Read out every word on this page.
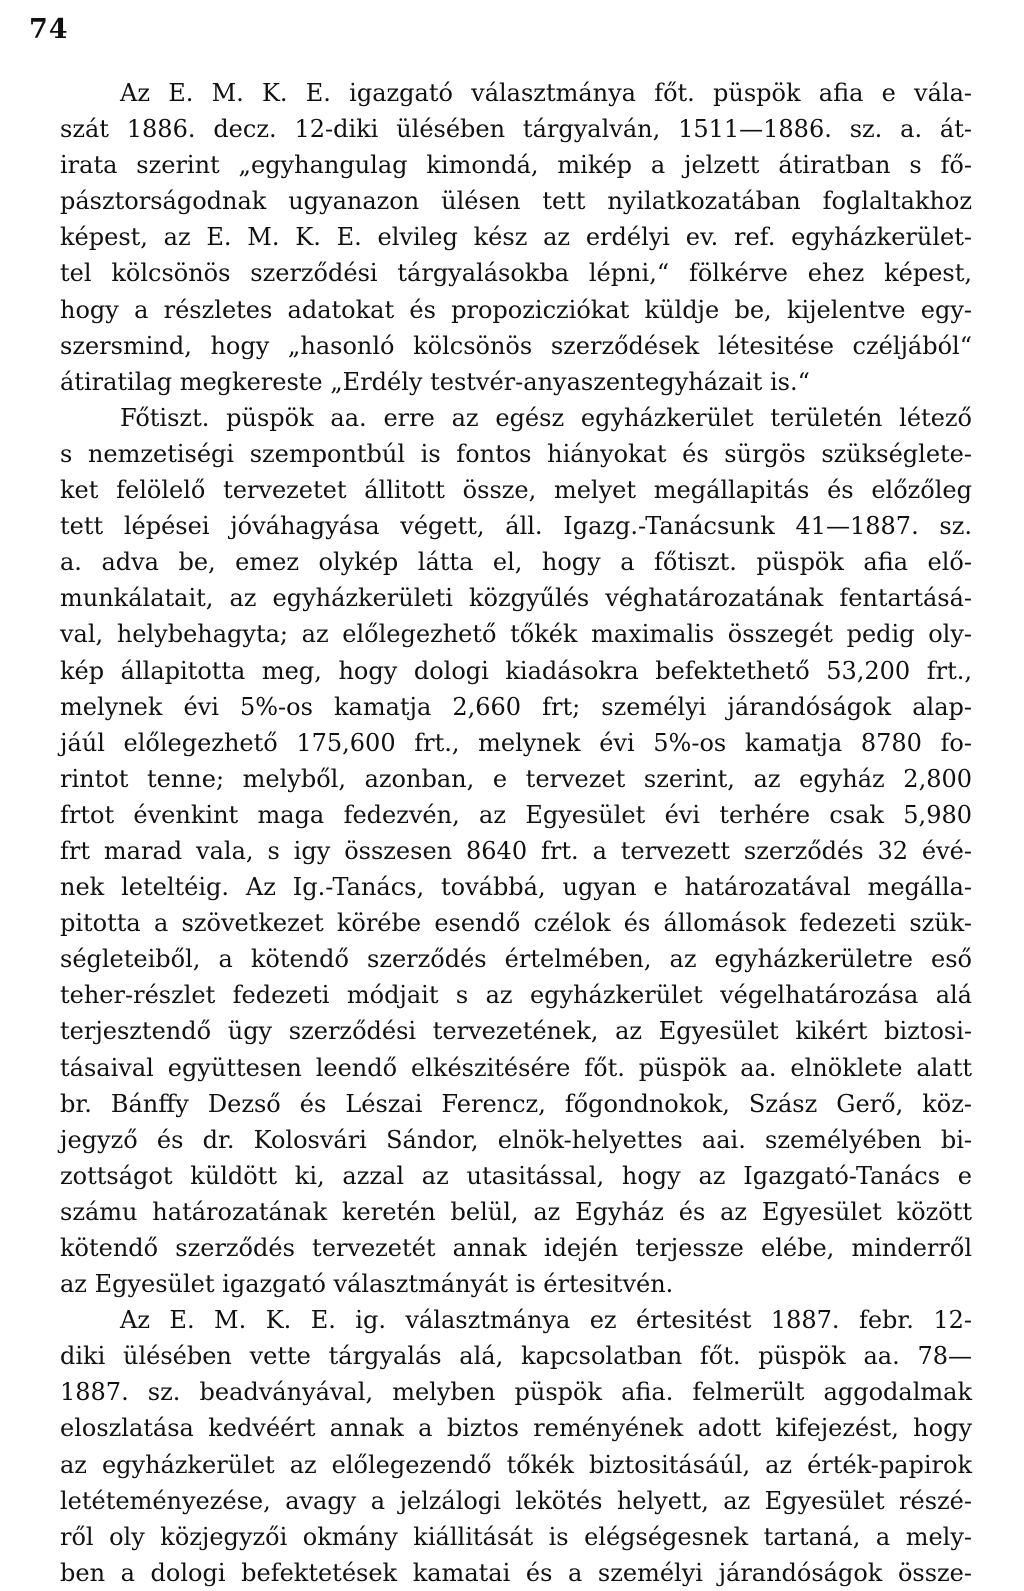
74
Az E. M. K. E. igazgató választmánya főt. püspök afia e vála-
szát 1886. decz. 12-diki ülésében tárgyalván, 1511—1886. sz. a. át-
irata szerint „egyhangulag kimondá, mikép a jelzett átiratban s fő-
pásztorságodnak ugyanazon ülésen tett nyilatkozatában foglaltakhoz
képest, az E. M. K. E. elvileg kész az erdélyi ev. ref. egyházkerület-
tel kölcsönös szerződési tárgyalásokba lépni,“ fölkérve ehez képest,
hogy a részletes adatokat és propozicziókat küldje be, kijelentve egy-
szersmind, hogy „hasonló kölcsönös szerződések létesitése czéljából“
átiratilag megkereste „Erdély testvér-anyaszentegyházait is.“
Főtiszt. püspök aa. erre az egész egyházkerület területén létező
s nemzetiségi szempontbúl is fontos hiányokat és sürgös szükséglete-
ket felölelő tervezetet állitott össze, melyet megállapitás és előzőleg
tett lépései jóváhagyása végett, áll. Igazg.-Tanácsunk 41—1887. sz.
a. adva be, emez olykép látta el, hogy a főtiszt. püspök afia elő-
munkálatait, az egyházkerületi közgyűlés véghatározatának fentartásá-
val, helybehagyta; az előlegezhető tőkék maximalis összegét pedig oly-
kép állapitotta meg, hogy dologi kiadásokra befektethető 53,200 frt.,
melynek évi 5%-os kamatja 2,660 frt; személyi járandóságok alap-
jáúl előlegezhető 175,600 frt., melynek évi 5%-os kamatja 8780 fo-
rintot tenne; melyből, azonban, e tervezet szerint, az egyház 2,800
frtot évenkint maga fedezvén, az Egyesület évi terhére csak 5,980
frt marad vala, s igy összesen 8640 frt. a tervezett szerződés 32 évé-
nek leteltéig. Az Ig.-Tanács, továbbá, ugyan e határozatával megálla-
pitotta a szövetkezet körébe esendő czélok és állomások fedezeti szük-
ségleteiből, a kötendő szerződés értelmében, az egyházkerületre eső
teher-részlet fedezeti módjait s az egyházkerület végelhatározása alá
terjesztendő ügy szerződési tervezetének, az Egyesület kikért biztosi-
tásaival együttesen leendő elkészitésére főt. püspök aa. elnöklete alatt
br. Bánffy Dezső és Lészai Ferencz, főgondnokok, Szász Gerő, köz-
jegyző és dr. Kolosvári Sándor, elnök-helyettes aai. személyében bi-
zottságot küldött ki, azzal az utasitással, hogy az Igazgató-Tanács e
számu határozatának keretén belül, az Egyház és az Egyesület között
kötendő szerződés tervezetét annak idején terjessze elébe, minderről
az Egyesület igazgató választmányát is értesitvén.
Az E. M. K. E. ig. választmánya ez értesitést 1887. febr. 12-
diki ülésében vette tárgyalás alá, kapcsolatban főt. püspök aa. 78—
1887. sz. beadványával, melyben püspök afia. felmerült aggodalmak
eloszlatása kedvéért annak a biztos reményének adott kifejezést, hogy
az egyházkerület az előlegezendő tőkék biztositásáúl, az érték-papirok
letéteményezése, avagy a jelzálogi lekötés helyett, az Egyesület részé-
ről oly közjegyzői okmány kiállitását is elégségesnek tartaná, a mely-
ben a dologi befektetések kamatai és a személyi járandóságok össze-
